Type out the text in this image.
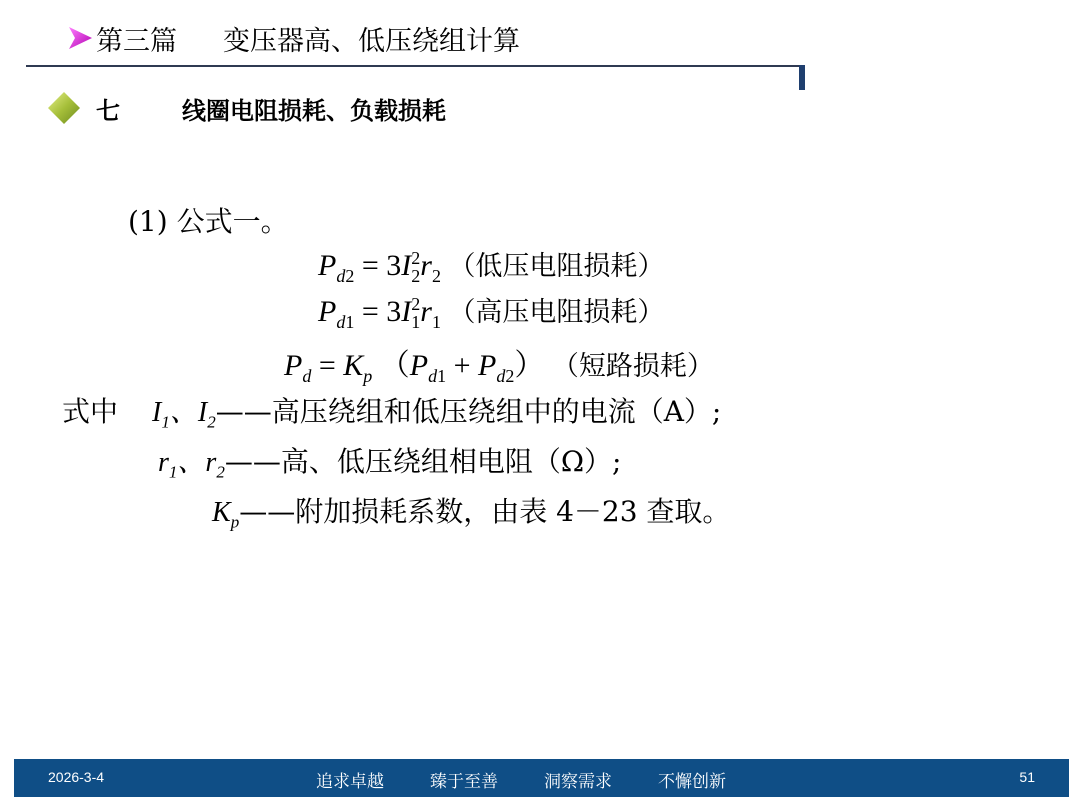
第三篇 变压器高、低压绕组计算
七	线圈电阻损耗、负载损耗
(1) 公式一。
$P_{d2} = 3I^2_2r_2$ （低压电阻损耗）
$P_{d1} = 3I^2_1r_1$ （高压电阻损耗）
$P_d = K_p$ $(P_{d1} + P_{d2})$ （短路损耗）
式中 $I_1$、$I_2——$高压绕组和低压绕组中的电流（A）;
$r_1$、$r_2——$高、低压绕组相电阻（Ω）;
$K_p——$附加损耗系数，由表 4－23 查取。
2026-3-4	追求卓越	臻于至善	洞察需求	不懈创新	51
